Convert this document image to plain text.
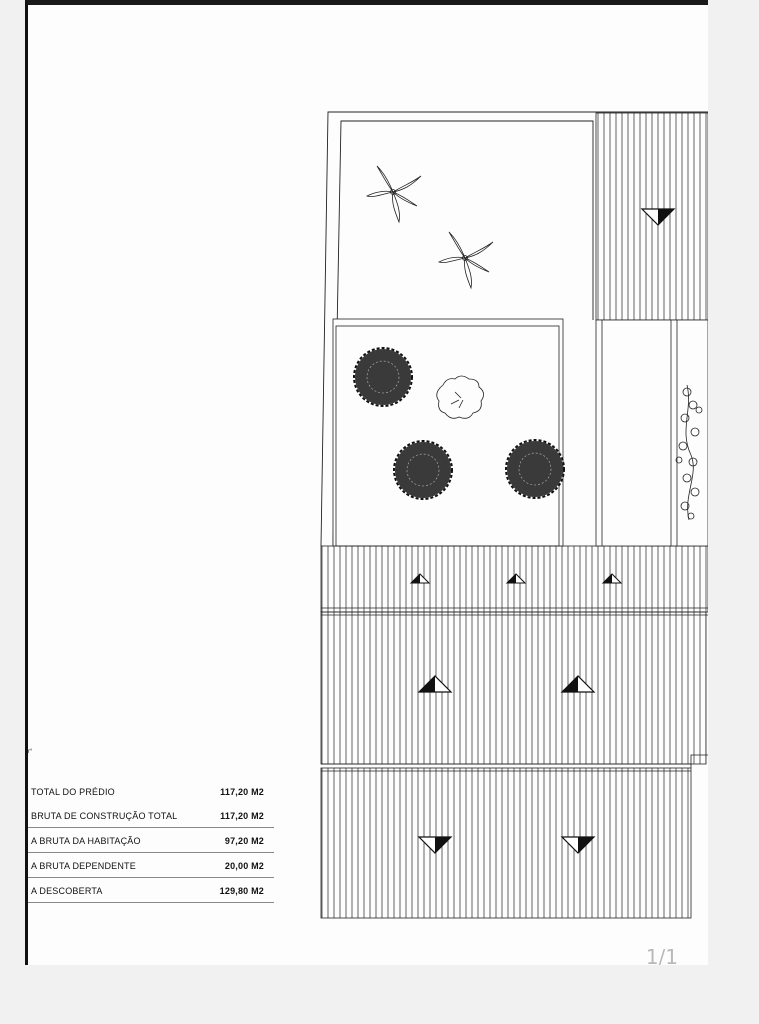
r°
TOTAL DO PRÉDIO	117,20 M2
BRUTA DE CONSTRUÇÃO TOTAL	117,20 M2
A BRUTA DA HABITAÇÃO	97,20 M2
A BRUTA DEPENDENTE	20,00 M2
A DESCOBERTA	129,80 M2
1/1
